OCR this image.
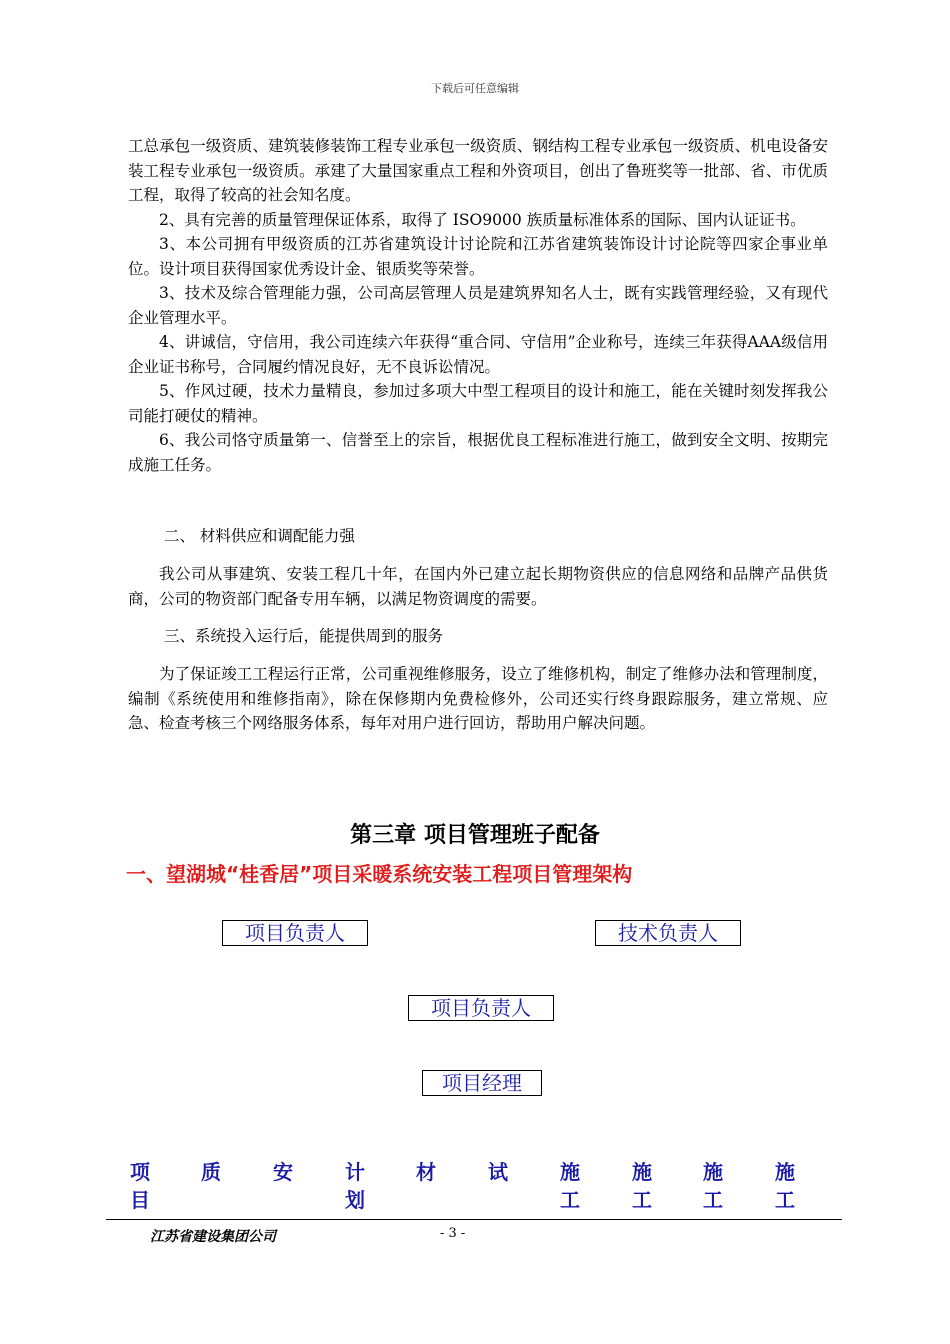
下载后可任意编辑

工总承包一级资质、建筑装修装饰工程专业承包一级资质、钢结构工程专业承包一级资质、机电设备安装工程专业承包一级资质。承建了大量国家重点工程和外资项目，创出了鲁班奖等一批部、省、市优质工程，取得了较高的社会知名度。

2、具有完善的质量管理保证体系，取得了 ISO9000 族质量标准体系的国际、国内认证证书。

3、本公司拥有甲级资质的江苏省建筑设计讨论院和江苏省建筑装饰设计讨论院等四家企事业单位。设计项目获得国家优秀设计金、银质奖等荣誉。

3、技术及综合管理能力强，公司高层管理人员是建筑界知名人士，既有实践管理经验，又有现代企业管理水平。

4、讲诚信，守信用，我公司连续六年获得“重合同、守信用”企业称号，连续三年获得AAA级信用企业证书称号，合同履约情况良好，无不良诉讼情况。

5、作风过硬，技术力量精良，参加过多项大中型工程项目的设计和施工，能在关键时刻发挥我公司能打硬仗的精神。

6、我公司恪守质量第一、信誉至上的宗旨，根据优良工程标准进行施工，做到安全文明、按期完成施工任务。

二、 材料供应和调配能力强

我公司从事建筑、安装工程几十年，在国内外已建立起长期物资供应的信息网络和品牌产品供货商，公司的物资部门配备专用车辆，以满足物资调度的需要。

三、系统投入运行后，能提供周到的服务

为了保证竣工工程运行正常，公司重视维修服务，设立了维修机构，制定了维修办法和管理制度，编制《系统使用和维修指南》，除在保修期内免费检修外，公司还实行终身跟踪服务，建立常规、应急、检查考核三个网络服务体系，每年对用户进行回访，帮助用户解决问题。

第三章 项目管理班子配备
一、望湖城“桂香居”项目采暖系统安装工程项目管理架构
项目负责人	技术负责人
项目负责人
项目经理
项
目
质	安	计
划
材	试	施
工
施
工
施
工
施
工
江苏省建设集团公司	- 3 -
